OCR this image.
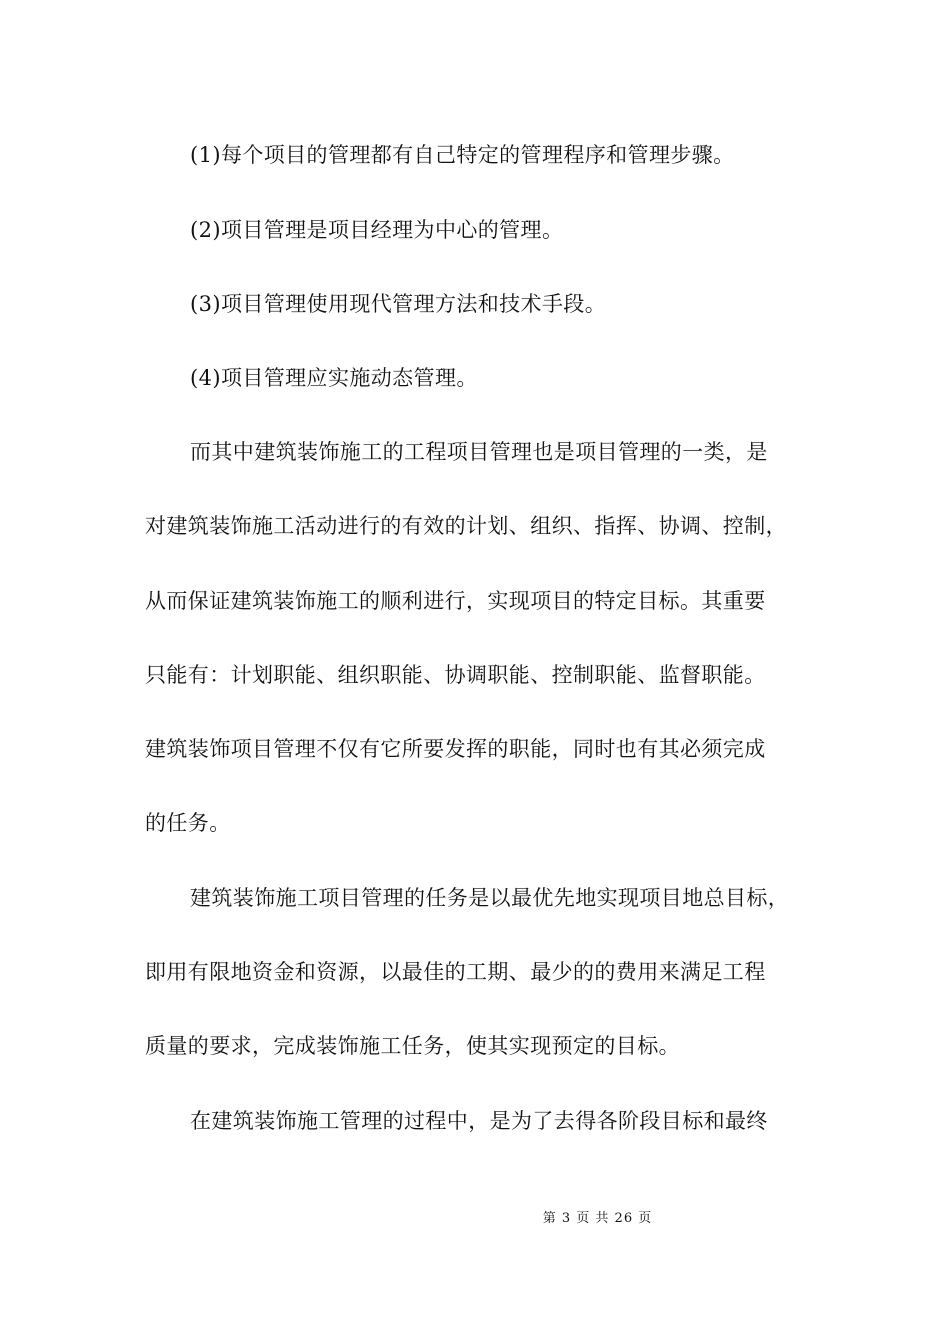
(1)每个项目的管理都有自己特定的管理程序和管理步骤。
(2)项目管理是项目经理为中心的管理。
(3)项目管理使用现代管理方法和技术手段。
(4)项目管理应实施动态管理。
而其中建筑装饰施工的工程项目管理也是项目管理的一类，是
对建筑装饰施工活动进行的有效的计划、组织、指挥、协调、控制，
从而保证建筑装饰施工的顺利进行，实现项目的特定目标。其重要
只能有：计划职能、组织职能、协调职能、控制职能、监督职能。
建筑装饰项目管理不仅有它所要发挥的职能，同时也有其必须完成
的任务。
建筑装饰施工项目管理的任务是以最优先地实现项目地总目标，
即用有限地资金和资源，以最佳的工期、最少的的费用来满足工程
质量的要求，完成装饰施工任务，使其实现预定的目标。
在建筑装饰施工管理的过程中，是为了去得各阶段目标和最终
第 3 页 共 26 页
